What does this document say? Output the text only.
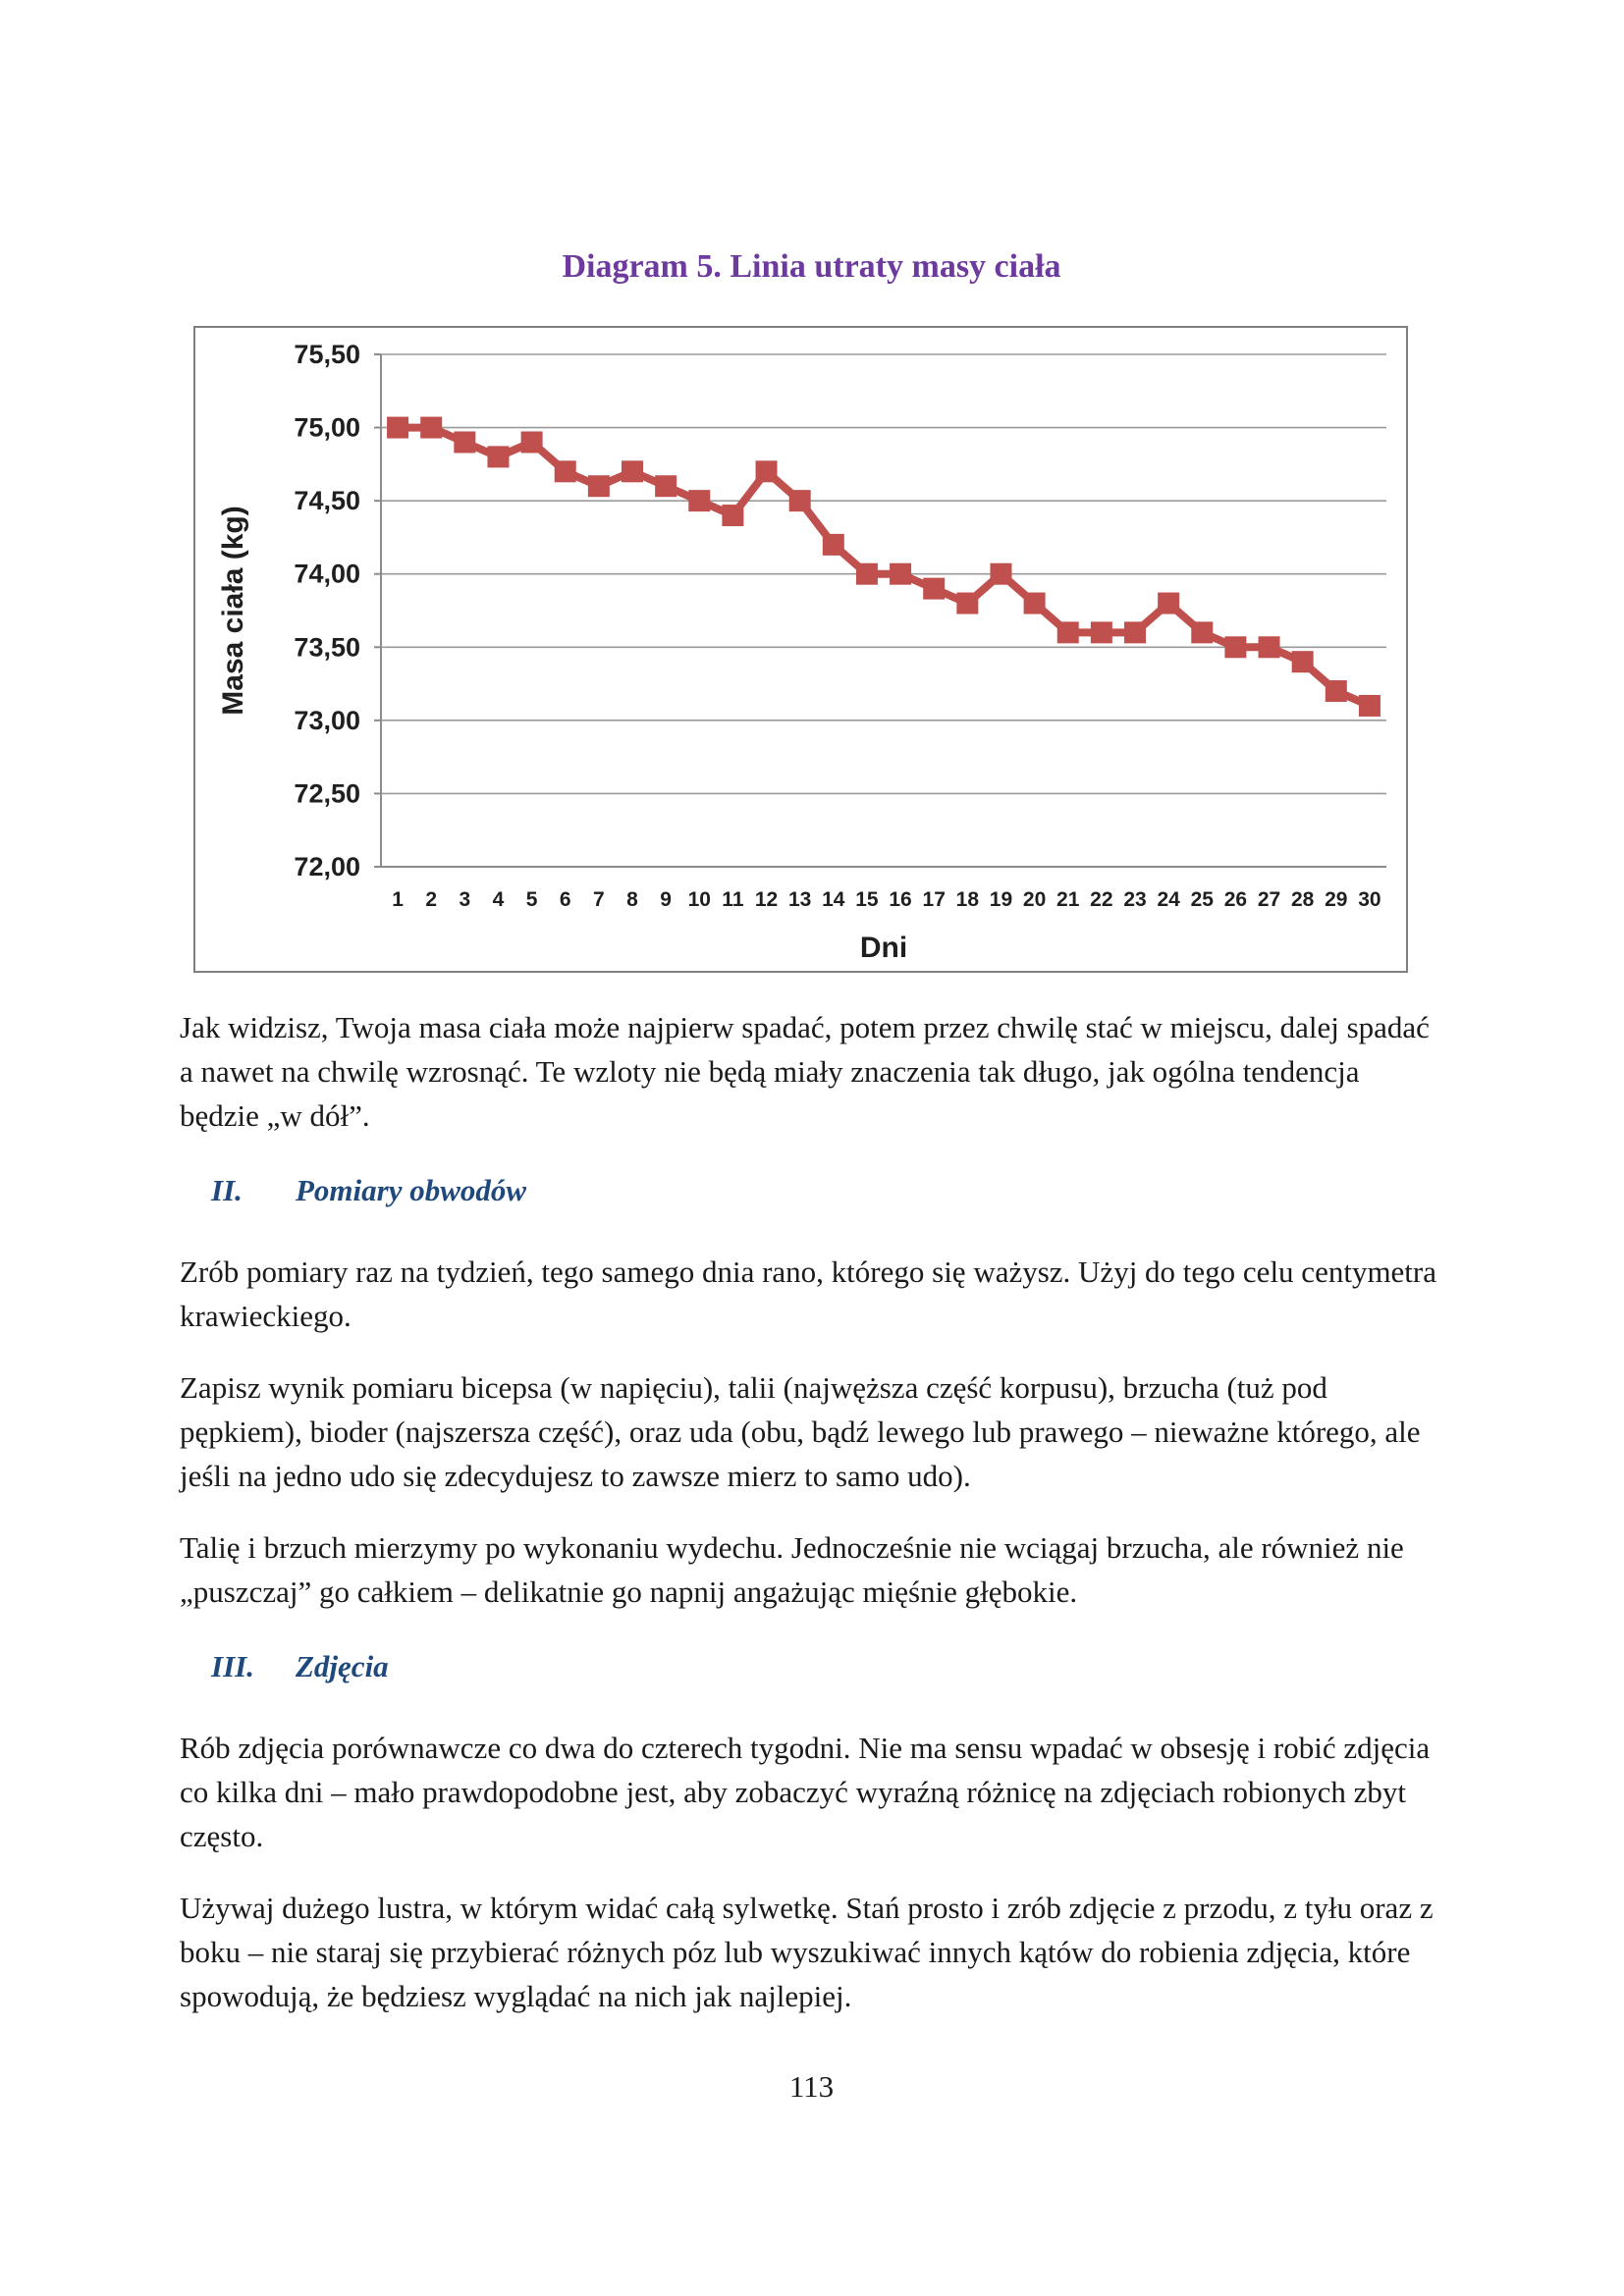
Diagram 5. Linia utraty masy ciała
75,50
75,00
74,50
74,00
73,50
73,00
72,50
72,00
1 2 3 4 5 6 7 8 9 10 11 12 13 14 15 16 17 18 19 20 21 22 23 24 25 26 27 28 29 30
Dni
Masa ciała (kg)

Jak widzisz, Twoja masa ciała może najpierw spadać, potem przez chwilę stać w miejscu, dalej spadać a nawet na chwilę wzrosnąć. Te wzloty nie będą miały znaczenia tak długo, jak ogólna tendencja będzie „w dół”.

II.	Pomiary obwodów

Zrób pomiary raz na tydzień, tego samego dnia rano, którego się ważysz. Użyj do tego celu centymetra krawieckiego.

Zapisz wynik pomiaru bicepsa (w napięciu), talii (najwęższa część korpusu), brzucha (tuż pod pępkiem), bioder (najszersza część), oraz uda (obu, bądź lewego lub prawego – nieważne którego, ale jeśli na jedno udo się zdecydujesz to zawsze mierz to samo udo).

Talię i brzuch mierzymy po wykonaniu wydechu. Jednocześnie nie wciągaj brzucha, ale również nie „puszczaj” go całkiem – delikatnie go napnij angażując mięśnie głębokie.

III.	Zdjęcia

Rób zdjęcia porównawcze co dwa do czterech tygodni. Nie ma sensu wpadać w obsesję i robić zdjęcia co kilka dni – mało prawdopodobne jest, aby zobaczyć wyraźną różnicę na zdjęciach robionych zbyt często.

Używaj dużego lustra, w którym widać całą sylwetkę. Stań prosto i zrób zdjęcie z przodu, z tyłu oraz z boku – nie staraj się przybierać różnych póz lub wyszukiwać innych kątów do robienia zdjęcia, które spowodują, że będziesz wyglądać na nich jak najlepiej.

113
